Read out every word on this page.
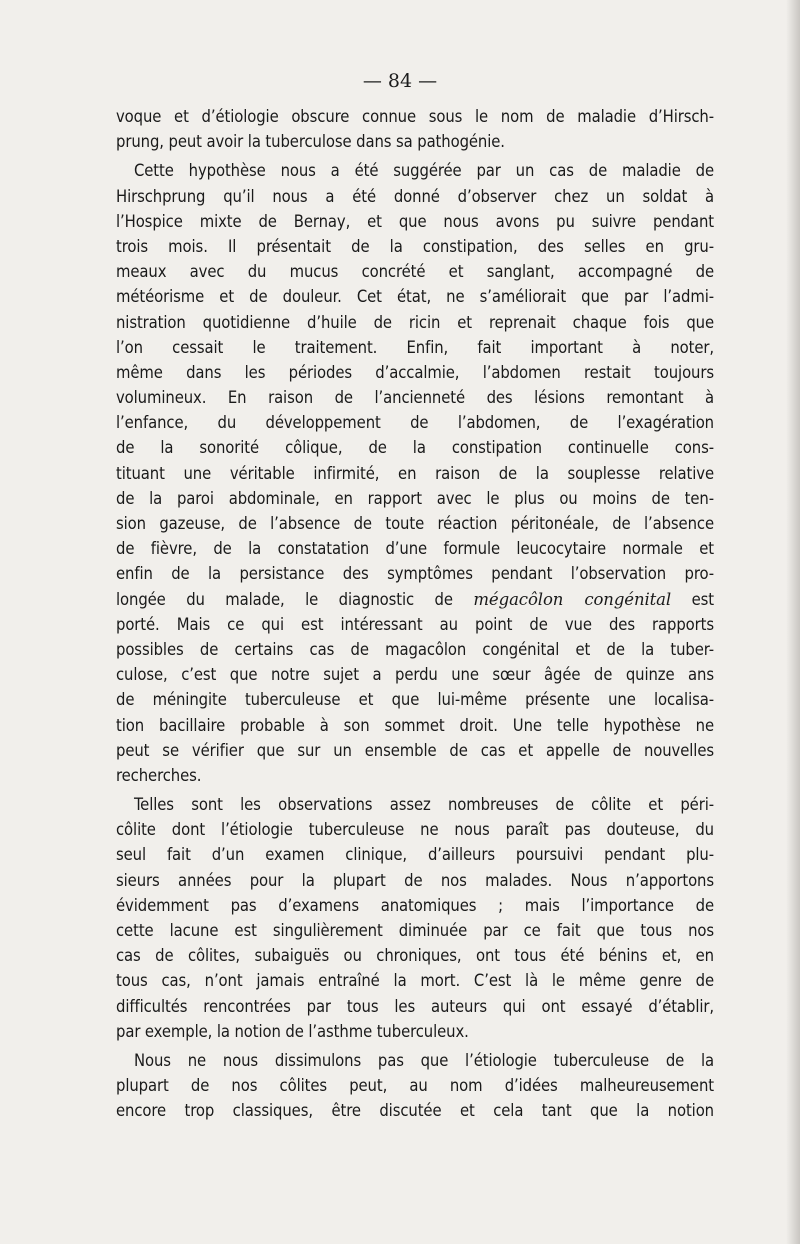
— 84 —
voque et d’étiologie obscure connue sous le nom de maladie d’Hirsch-
prung, peut avoir la tuberculose dans sa pathogénie.
Cette hypothèse nous a été suggérée par un cas de maladie de
Hirschprung qu’il nous a été donné d’observer chez un soldat à
l’Hospice mixte de Bernay, et que nous avons pu suivre pendant
trois mois. Il présentait de la constipation, des selles en gru-
meaux avec du mucus concrété et sanglant, accompagné de
météorisme et de douleur. Cet état, ne s’améliorait que par l’admi-
nistration quotidienne d’huile de ricin et reprenait chaque fois que
l’on cessait le traitement. Enfin, fait important à noter,
même dans les périodes d’accalmie, l’abdomen restait toujours
volumineux. En raison de l’ancienneté des lésions remontant à
l’enfance, du développement de l’abdomen, de l’exagération
de la sonorité côlique, de la constipation continuelle cons-
tituant une véritable infirmité, en raison de la souplesse relative
de la paroi abdominale, en rapport avec le plus ou moins de ten-
sion gazeuse, de l’absence de toute réaction péritonéale, de l’absence
de fièvre, de la constatation d’une formule leucocytaire normale et
enfin de la persistance des symptômes pendant l’observation pro-
longée du malade, le diagnostic de mégacôlon congénital est
porté. Mais ce qui est intéressant au point de vue des rapports
possibles de certains cas de magacôlon congénital et de la tuber-
culose, c’est que notre sujet a perdu une sœur âgée de quinze ans
de méningite tuberculeuse et que lui-même présente une localisa-
tion bacillaire probable à son sommet droit. Une telle hypothèse ne
peut se vérifier que sur un ensemble de cas et appelle de nouvelles
recherches.
Telles sont les observations assez nombreuses de côlite et péri-
côlite dont l’étiologie tuberculeuse ne nous paraît pas douteuse, du
seul fait d’un examen clinique, d’ailleurs poursuivi pendant plu-
sieurs années pour la plupart de nos malades. Nous n’apportons
évidemment pas d’examens anatomiques ; mais l’importance de
cette lacune est singulièrement diminuée par ce fait que tous nos
cas de côlites, subaiguës ou chroniques, ont tous été bénins et, en
tous cas, n’ont jamais entraîné la mort. C’est là le même genre de
difficultés rencontrées par tous les auteurs qui ont essayé d’établir,
par exemple, la notion de l’asthme tuberculeux.
Nous ne nous dissimulons pas que l’étiologie tuberculeuse de la
plupart de nos côlites peut, au nom d’idées malheureusement
encore trop classiques, être discutée et cela tant que la notion
